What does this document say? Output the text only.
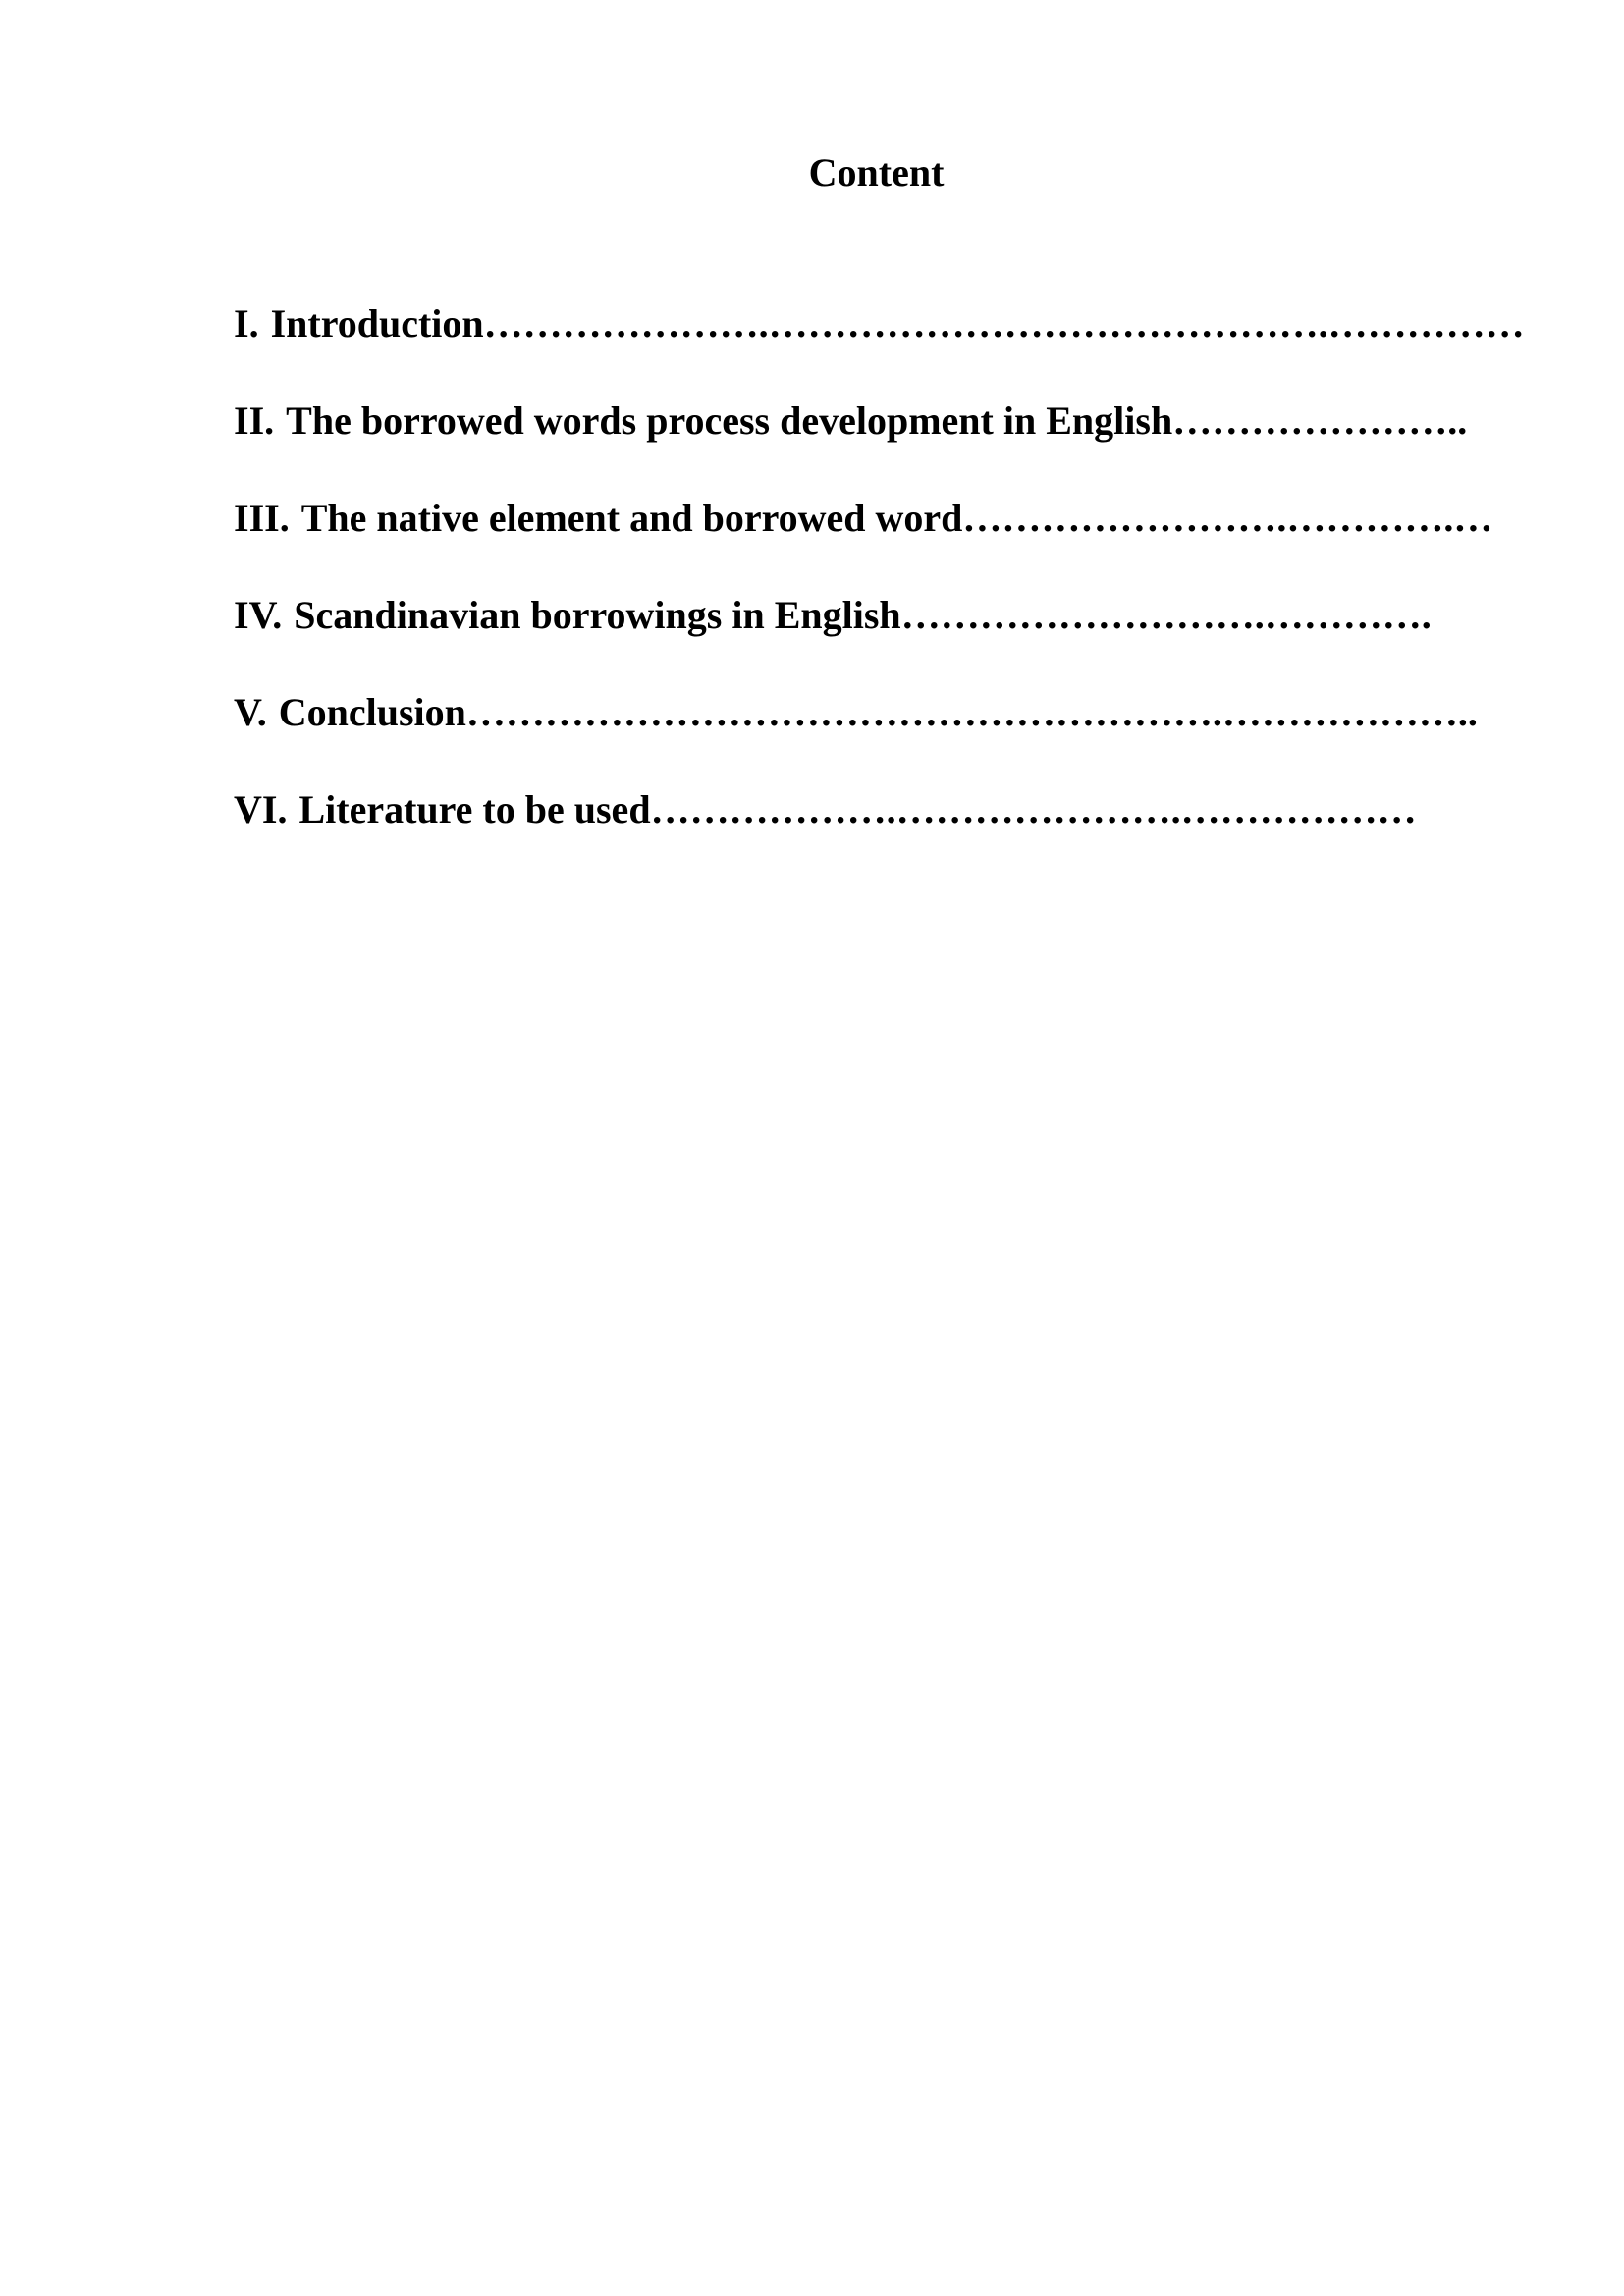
Content
I. Introduction………………….…………………………………….……………
II. The borrowed words process development in English…………………..
III. The native element and borrowed word…………………….………….…
IV. Scandinavian borrowings in English……………………….………….
V. Conclusion………………………………………………….………………..
VI. Literature to be used……………….………………….………………
